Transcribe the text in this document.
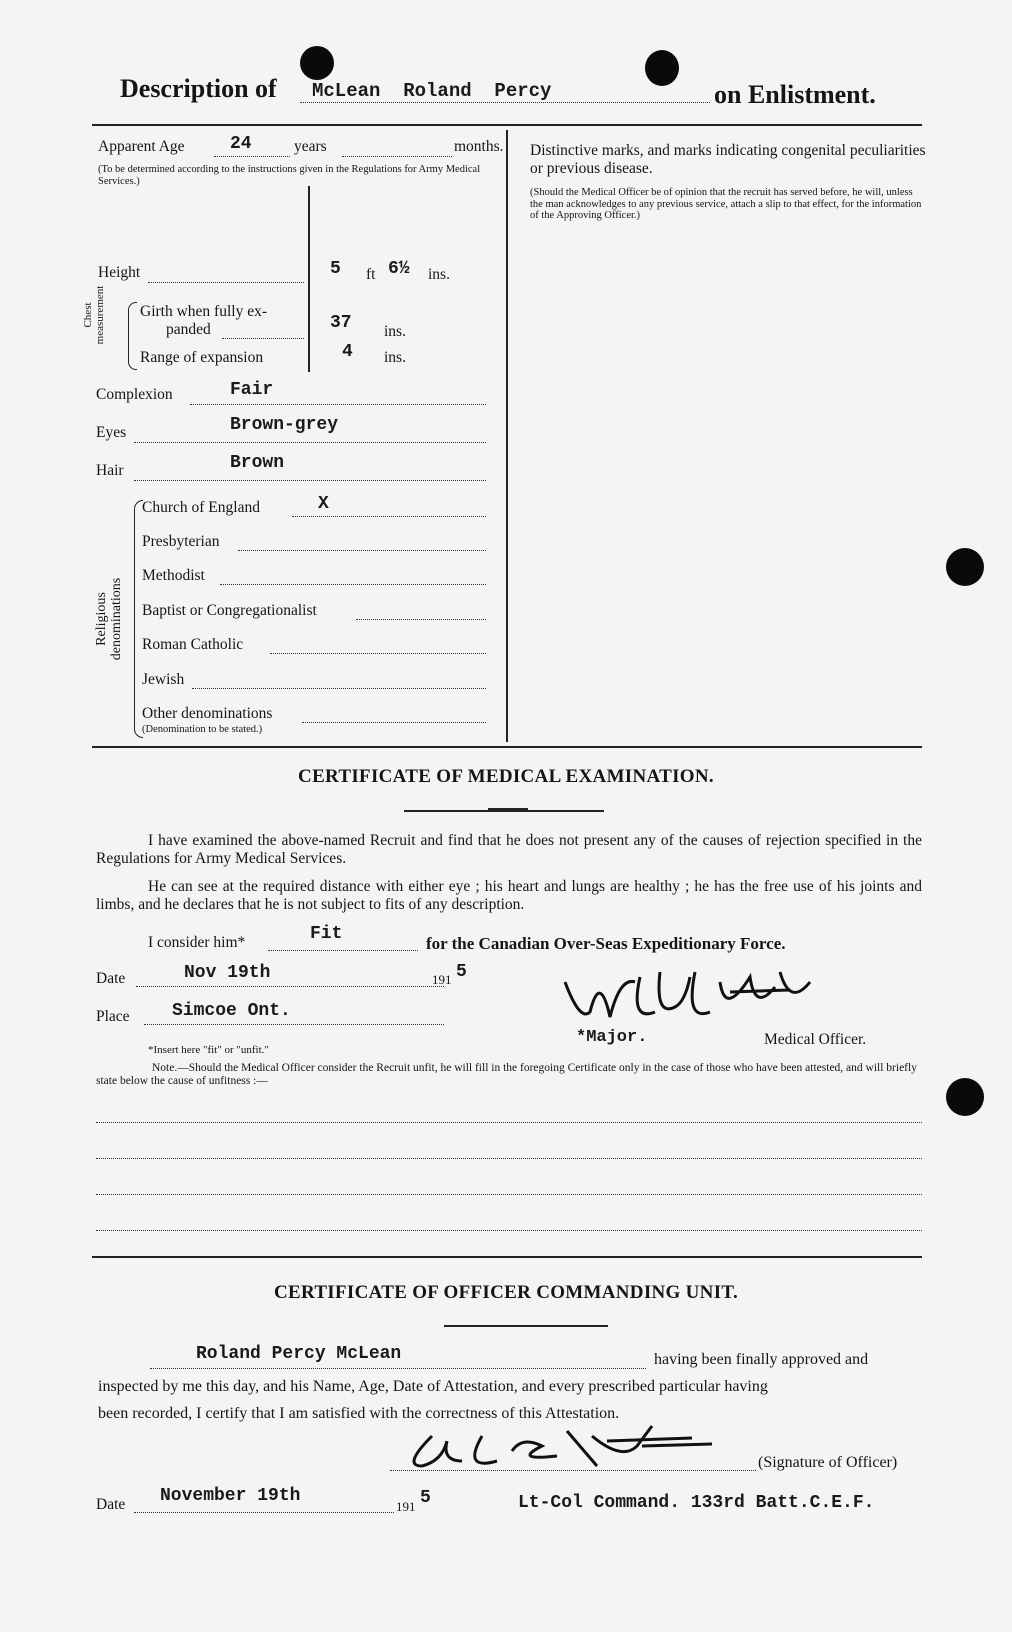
Description of McLean  Roland  Percy	on Enlistment.
Apparent Age	24	years	months.
(To be determined according to the instructions given in the Regulations for Army Medical Services.)
Height	5 ft 6½ ins.
Chest measurement Girth when fully ex-
panded	37 ins.
Range of expansion	4 ins.
Complexion	Fair
Eyes	Brown-grey
Hair	Brown
Religious denominations
Church of England	X
Presbyterian
Methodist
Baptist or Congregationalist
Roman Catholic
Jewish
Other denominations
(Denomination to be stated.)
Distinctive marks, and marks indicating congenital peculiarities or previous disease.
(Should the Medical Officer be of opinion that the recruit has served before, he will, unless the man acknowledges to any previous service, attach a slip to that effect, for the information of the Approving Officer.)
CERTIFICATE OF MEDICAL EXAMINATION.
I have examined the above-named Recruit and find that he does not present any of the causes of rejection specified in the Regulations for Army Medical Services.
He can see at the required distance with either eye ; his heart and lungs are healthy ; he has the free use of his joints and limbs, and he declares that he is not subject to fits of any description.
I consider him*	Fit	for the Canadian Over-Seas Expeditionary Force.
Date	Nov 19th	191 5
Place Simcoe Ont.
*Major.	Medical Officer.
*Insert here "fit" or "unfit."
Note.—Should the Medical Officer consider the Recruit unfit, he will fill in the foregoing Certificate only in the case of those who have been attested, and will briefly state below the cause of unfitness :—
CERTIFICATE OF OFFICER COMMANDING UNIT.
Roland Percy McLean	having been finally approved and
inspected by me this day, and his Name, Age, Date of Attestation, and every prescribed particular having
been recorded, I certify that I am satisfied with the correctness of this Attestation.
(Signature of Officer)
Date November 19th
191 5	Lt-Col Command. 133rd Batt.C.E.F.
